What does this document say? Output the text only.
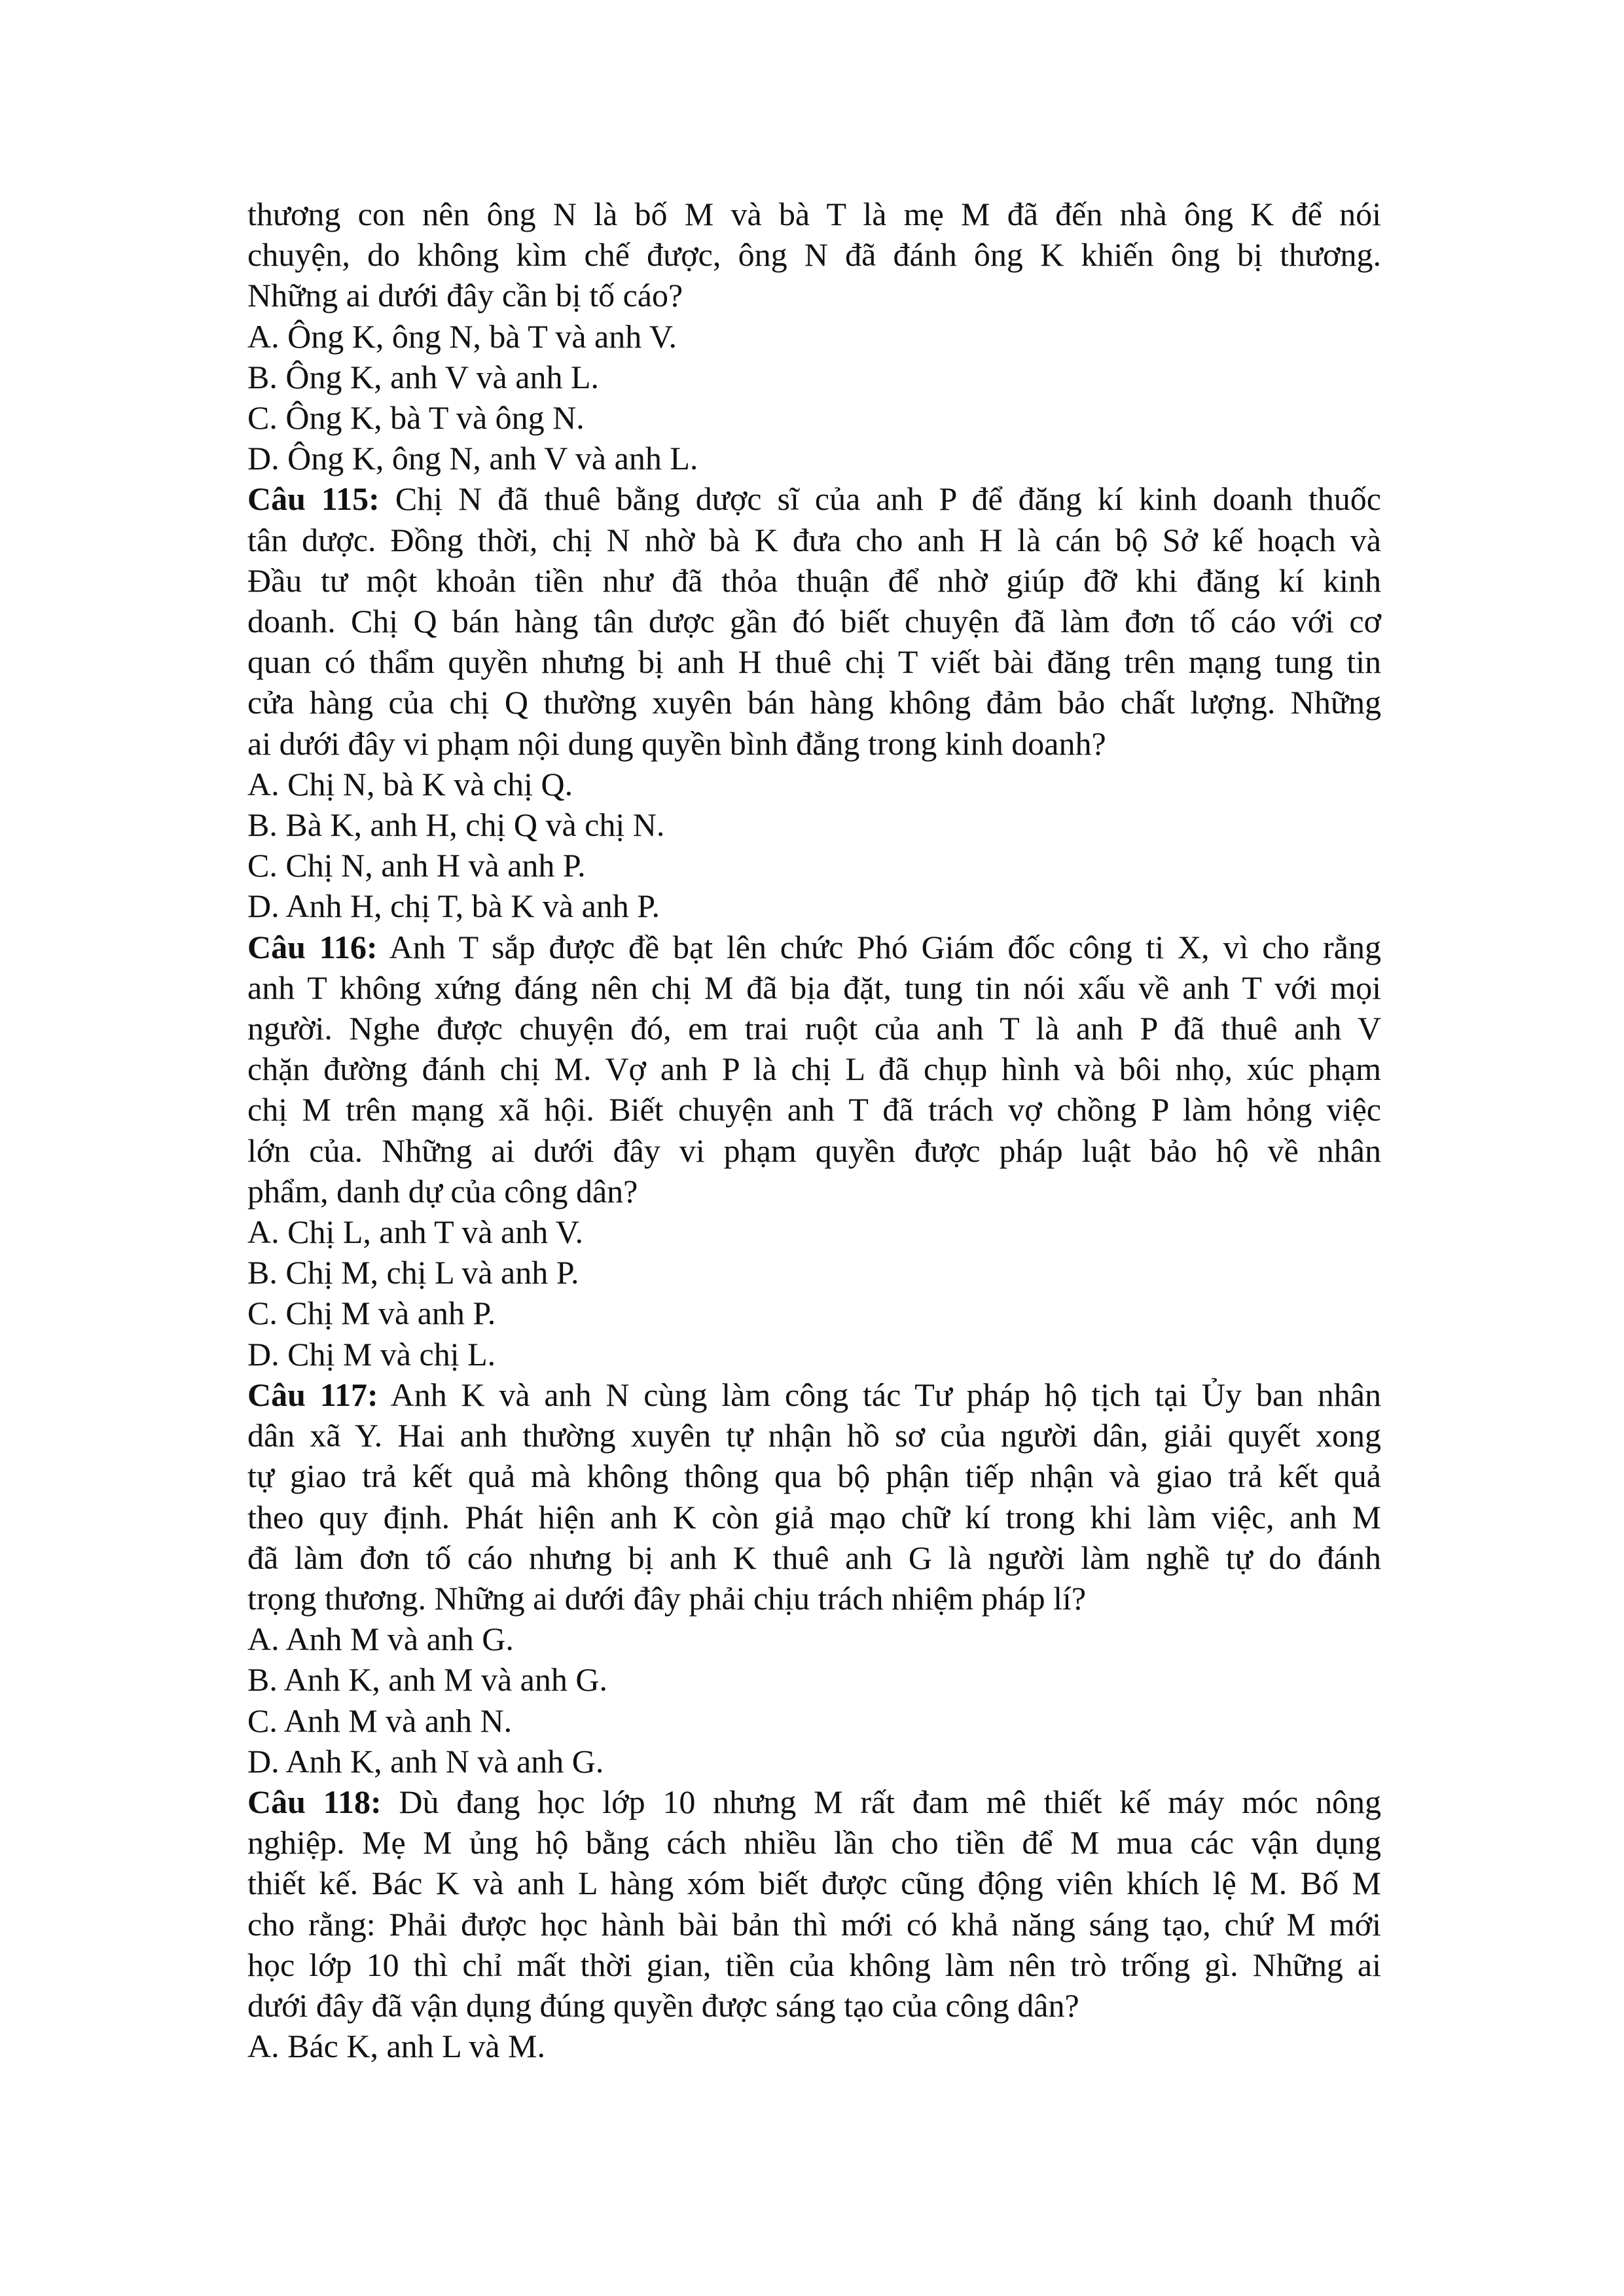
thương con nên ông N là bố M và bà T là mẹ M đã đến nhà ông K để nói
chuyện, do không kìm chế được, ông N đã đánh ông K khiến ông bị thương.
Những ai dưới đây cần bị tố cáo?
A. Ông K, ông N, bà T và anh V.
B. Ông K, anh V và anh L.
C. Ông K, bà T và ông N.
D. Ông K, ông N, anh V và anh L.
Câu 115: Chị N đã thuê bằng dược sĩ của anh P để đăng kí kinh doanh thuốc
tân dược. Đồng thời, chị N nhờ bà K đưa cho anh H là cán bộ Sở kế hoạch và
Đầu tư một khoản tiền như đã thỏa thuận để nhờ giúp đỡ khi đăng kí kinh
doanh. Chị Q bán hàng tân dược gần đó biết chuyện đã làm đơn tố cáo với cơ
quan có thẩm quyền nhưng bị anh H thuê chị T viết bài đăng trên mạng tung tin
cửa hàng của chị Q thường xuyên bán hàng không đảm bảo chất lượng. Những
ai dưới đây vi phạm nội dung quyền bình đẳng trong kinh doanh?
A. Chị N, bà K và chị Q.
B. Bà K, anh H, chị Q và chị N.
C. Chị N, anh H và anh P.
D. Anh H, chị T, bà K và anh P.
Câu 116: Anh T sắp được đề bạt lên chức Phó Giám đốc công ti X, vì cho rằng
anh T không xứng đáng nên chị M đã bịa đặt, tung tin nói xấu về anh T với mọi
người. Nghe được chuyện đó, em trai ruột của anh T là anh P đã thuê anh V
chặn đường đánh chị M. Vợ anh P là chị L đã chụp hình và bôi nhọ, xúc phạm
chị M trên mạng xã hội. Biết chuyện anh T đã trách vợ chồng P làm hỏng việc
lớn của. Những ai dưới đây vi phạm quyền được pháp luật bảo hộ về nhân
phẩm, danh dự của công dân?
A. Chị L, anh T và anh V.
B. Chị M, chị L và anh P.
C. Chị M và anh P.
D. Chị M và chị L.
Câu 117: Anh K và anh N cùng làm công tác Tư pháp hộ tịch tại Ủy ban nhân
dân xã Y. Hai anh thường xuyên tự nhận hồ sơ của người dân, giải quyết xong
tự giao trả kết quả mà không thông qua bộ phận tiếp nhận và giao trả kết quả
theo quy định. Phát hiện anh K còn giả mạo chữ kí trong khi làm việc, anh M
đã làm đơn tố cáo nhưng bị anh K thuê anh G là người làm nghề tự do đánh
trọng thương. Những ai dưới đây phải chịu trách nhiệm pháp lí?
A. Anh M và anh G.
B. Anh K, anh M và anh G.
C. Anh M và anh N.
D. Anh K, anh N và anh G.
Câu 118: Dù đang học lớp 10 nhưng M rất đam mê thiết kế máy móc nông
nghiệp. Mẹ M ủng hộ bằng cách nhiều lần cho tiền để M mua các vận dụng
thiết kế. Bác K và anh L hàng xóm biết được cũng động viên khích lệ M. Bố M
cho rằng: Phải được học hành bài bản thì mới có khả năng sáng tạo, chứ M mới
học lớp 10 thì chỉ mất thời gian, tiền của không làm nên trò trống gì. Những ai
dưới đây đã vận dụng đúng quyền được sáng tạo của công dân?
A. Bác K, anh L và M.
